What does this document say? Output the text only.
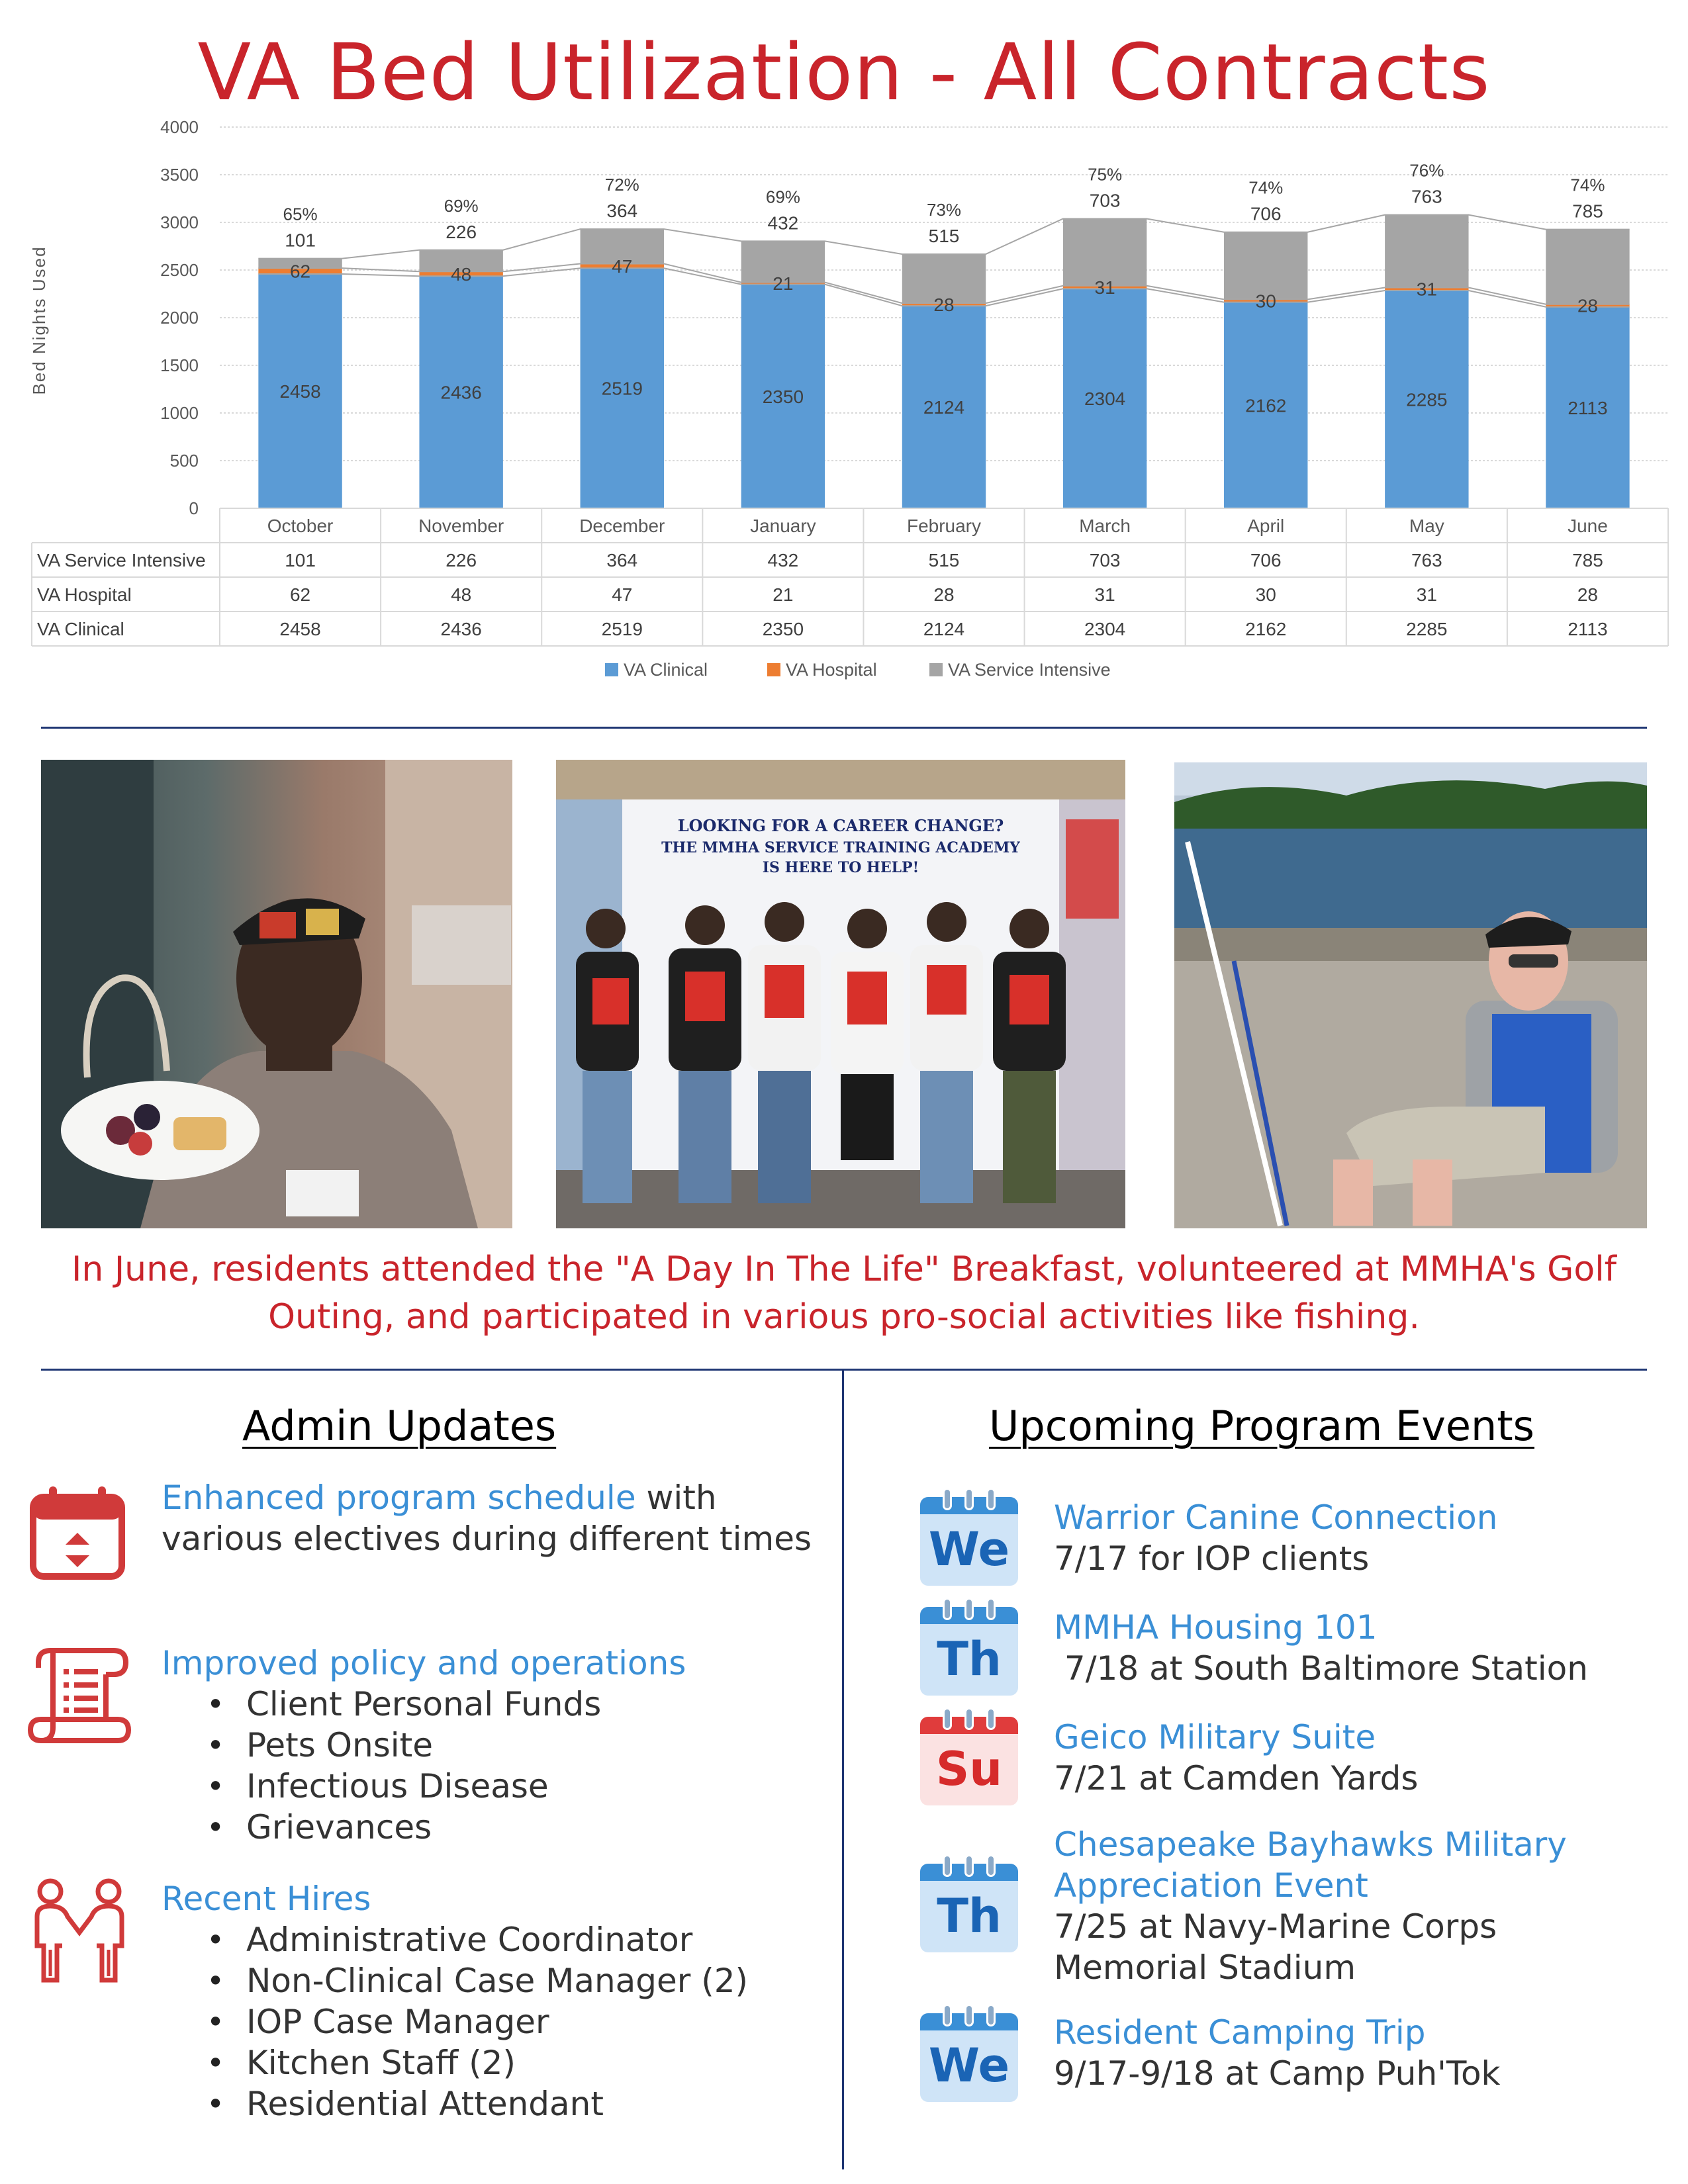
VA Bed Utilization - All Contracts
0
500
1000
1500
2000
2500
3000
3500
4000
Bed Nights Used	2458
62
101
65%
2436
48
226
69%
2519
47
364
72%
2350
21
432
69%
2124
28
515
73%
2304
31
703
75%
2162
30
706
74%
2285
31
763
76%
2113
28
785
74%
October	November	December	January	February	March	April	May	June
VA Service Intensive	101	226	364	432	515	703	706	763	785
VA Hospital	62	48	47	21	28	31	30	31	28
VA Clinical	2458	2436	2519	2350	2124	2304	2162	2285	2113
VA Clinical	VA Hospital	VA Service Intensive
LOOKING FOR A CAREER CHANGE?
THE MMHA SERVICE TRAINING ACADEMY
IS HERE TO HELP!

In June, residents attended the "A Day In The Life" Breakfast, volunteered at MMHA's Golf Outing, and participated in various pro-social activities like fishing.

Admin Updates

Enhanced program schedule with various electives during different times

Improved policy and operations

• Client Personal Funds
• Pets Onsite
• Infectious Disease
• Grievances

Recent Hires

• Administrative Coordinator
• Non-Clinical Case Manager (2)
• IOP Case Manager
• Kitchen Staff (2)
• Residential Attendant
Upcoming Program Events
We

Warrior Canine Connection

7/17 for IOP clients

Th

MMHA Housing 101

7/18 at South Baltimore Station

Su

Geico Military Suite

7/21 at Camden Yards

Th

Chesapeake Bayhawks Military Appreciation Event

7/25 at Navy-Marine Corps Memorial Stadium

We

Resident Camping Trip

9/17-9/18 at Camp Puh'Tok
